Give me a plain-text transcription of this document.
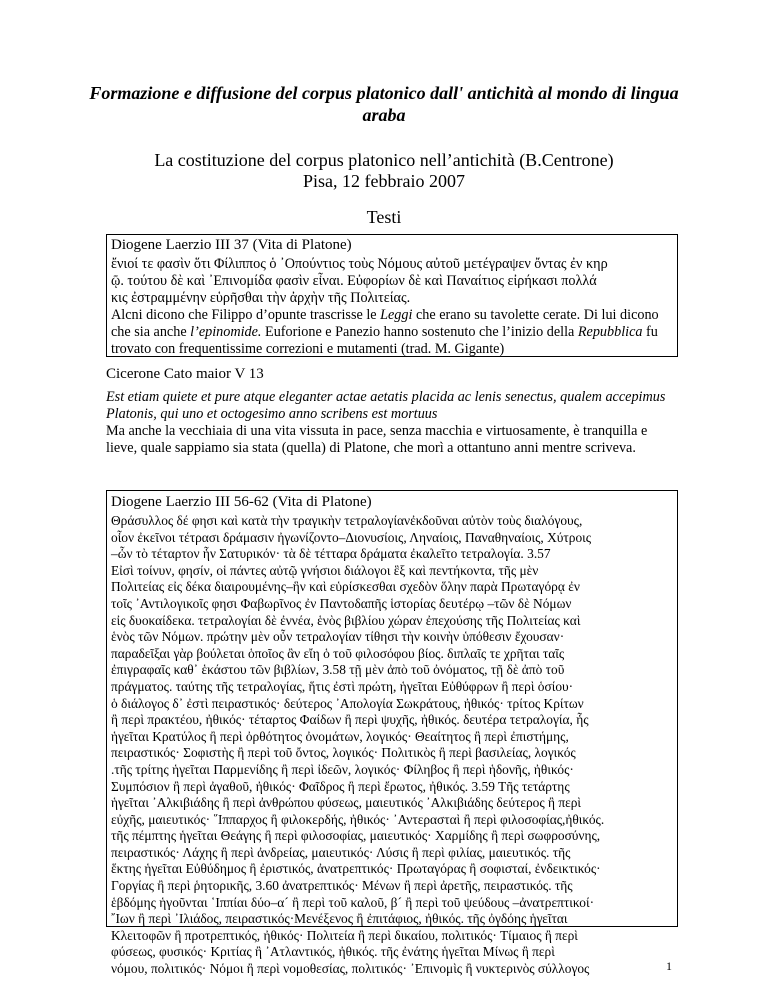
Formazione e diffusione del corpus platonico dall' antichità al mondo di lingua
araba
La costituzione del corpus platonico nell’antichità (B.Centrone)
Pisa, 12 febbraio 2007
Testi
Diogene Laerzio III 37 (Vita di Platone)
ἔνιοί τε φασὶν ὅτι Φίλιππος ὁ ᾿Οπούντιος τοὺς Νόμους αὐτοῦ μετέγραψεν ὄντας ἐν κηρ
ῷ. τούτου δὲ καὶ ᾿Επινομίδα φασὶν εἶναι. Εὐφορίων δὲ καὶ Παναίτιος εἰρήκασι πολλά
κις ἐστραμμένην εὑρῆσθαι τὴν ἀρχὴν τῆς Πολιτείας.
Alcni dicono che Filippo d’opunte trascrisse le Leggi che erano su tavolette cerate. Di lui dicono che sia anche l’epinomide. Euforione e Panezio hanno sostenuto che l’inizio della Repubblica fu trovato con frequentissime correzioni e mutamenti (trad. M. Gigante)
Cicerone Cato maior V 13
Est etiam quiete et pure atque eleganter actae aetatis placida ac lenis senectus, qualem accepimus Platonis, qui uno et octogesimo anno scribens est mortuus
Ma anche la vecchiaia di una vita vissuta in pace, senza macchia e virtuosamente, è tranquilla e lieve, quale sappiamo sia stata (quella) di Platone, che morì a ottantuno anni mentre scriveva.
Diogene Laerzio III 56-62 (Vita di Platone)
Θράσυλλος δέ φησι καὶ κατὰ τὴν τραγικὴν τετραλογίανἐκδοῦναι αὐτὸν τοὺς διαλόγους,
οἷον ἐκεῖνοι τέτρασι δράμασιν ἠγωνίζοντο–Διονυσίοις, Ληναίοις, Παναθηναίοις, Χύτροις
–ὧν τὸ τέταρτον ἦν Σατυρικόν· τὰ δὲ τέτταρα δράματα ἐκαλεῖτο τετραλογία. 3.57
Εἰσὶ τοίνυν, φησίν, οἱ πάντες αὐτῷ γνήσιοι διάλογοι ἓξ καὶ πεντήκοντα, τῆς μὲν
Πολιτείας εἰς δέκα διαιρουμένης–ἣν καὶ εὑρίσκεσθαι σχεδὸν ὅλην παρὰ Πρωταγόρᾳ ἐν
τοῖς ᾿Αντιλογικοῖς φησι Φαβωρῖνος ἐν Παντοδαπῆς ἱστορίας δευτέρῳ –τῶν δὲ Νόμων
εἰς δυοκαίδεκα. τετραλογίαι δὲ ἐννέα, ἑνὸς βιβλίου χώραν ἐπεχούσης τῆς Πολιτείας καὶ
ἑνὸς τῶν Νόμων. πρώτην μὲν οὖν τετραλογίαν τίθησι τὴν κοινὴν ὑπόθεσιν ἔχουσαν·
παραδεῖξαι γὰρ βούλεται ὁποῖος ἂν εἴη ὁ τοῦ φιλοσόφου βίος. διπλαῖς τε χρῆται ταῖς
ἐπιγραφαῖς καθ᾿ ἑκάστου τῶν βιβλίων, 3.58 τῇ μὲν ἀπὸ τοῦ ὀνόματος, τῇ δὲ ἀπὸ τοῦ
πράγματος. ταύτης τῆς τετραλογίας, ἥτις ἐστὶ πρώτη, ἡγεῖται Εὐθύφρων ἢ περὶ ὁσίου·
ὁ διάλογος δ᾿ ἐστὶ πειραστικός· δεύτερος ᾿Απολογία Σωκράτους, ἠθικός· τρίτος Κρίτων
ἢ περὶ πρακτέου, ἠθικός· τέταρτος Φαίδων ἢ περὶ ψυχῆς, ἠθικός. δευτέρα τετραλογία, ἧς
ἡγεῖται Κρατύλος ἢ περὶ ὀρθότητος ὀνομάτων, λογικός· Θεαίτητος ἢ περὶ ἐπιστήμης,
πειραστικός· Σοφιστὴς ἢ περὶ τοῦ ὄντος, λογικός· Πολιτικὸς ἢ περὶ βασιλείας, λογικός
.τῆς τρίτης ἡγεῖται Παρμενίδης ἢ περὶ ἰδεῶν, λογικός· Φίληβος ἢ περὶ ἡδονῆς, ἠθικός·
Συμπόσιον ἢ περὶ ἀγαθοῦ, ἠθικός· Φαῖδρος ἢ περὶ ἔρωτος, ἠθικός. 3.59 Τῆς τετάρτης
ἡγεῖται ᾿Αλκιβιάδης ἢ περὶ ἀνθρώπου φύσεως, μαιευτικός ᾿Αλκιβιάδης δεύτερος ἢ περὶ
εὐχῆς, μαιευτικός· ῞Ιππαρχος ἢ φιλοκερδής, ἠθικός· ᾿Αντερασταὶ ἢ περὶ φιλοσοφίας,ἠθικός.
τῆς πέμπτης ἡγεῖται Θεάγης ἢ περὶ φιλοσοφίας, μαιευτικός· Χαρμίδης ἢ περὶ σωφροσύνης,
πειραστικός· Λάχης ἢ περὶ ἀνδρείας, μαιευτικός· Λύσις ἢ περὶ φιλίας, μαιευτικός. τῆς
ἕκτης ἡγεῖται Εὐθύδημος ἢ ἐριστικός, ἀνατρεπτικός· Πρωταγόρας ἢ σοφισταί, ἐνδεικτικός·
Γοργίας ἢ περὶ ῥητορικῆς, 3.60 ἀνατρεπτικός· Μένων ἢ περὶ ἀρετῆς, πειραστικός. τῆς
ἑβδόμης ἡγοῦνται ῾Ιππίαι δύο–α´ ἢ περὶ τοῦ καλοῦ, β´ ἢ περὶ τοῦ ψεύδους –ἀνατρεπτικοί·
῎Ιων ἢ περὶ ᾿Ιλιάδος, πειραστικός·Μενέξενος ἢ ἐπιτάφιος, ἠθικός. τῆς ὀγδόης ἡγεῖται
Κλειτοφῶν ἢ προτρεπτικός, ἠθικός· Πολιτεία ἢ περὶ δικαίου, πολιτικός· Τίμαιος ἢ περὶ
φύσεως, φυσικός· Κριτίας ἢ ᾿Ατλαντικός, ἠθικός. τῆς ἐνάτης ἡγεῖται Μίνως ἢ περὶ
νόμου, πολιτικός· Νόμοι ἢ περὶ νομοθεσίας, πολιτικός· ᾿Επινομὶς ἢ νυκτερινὸς σύλλογος	1
